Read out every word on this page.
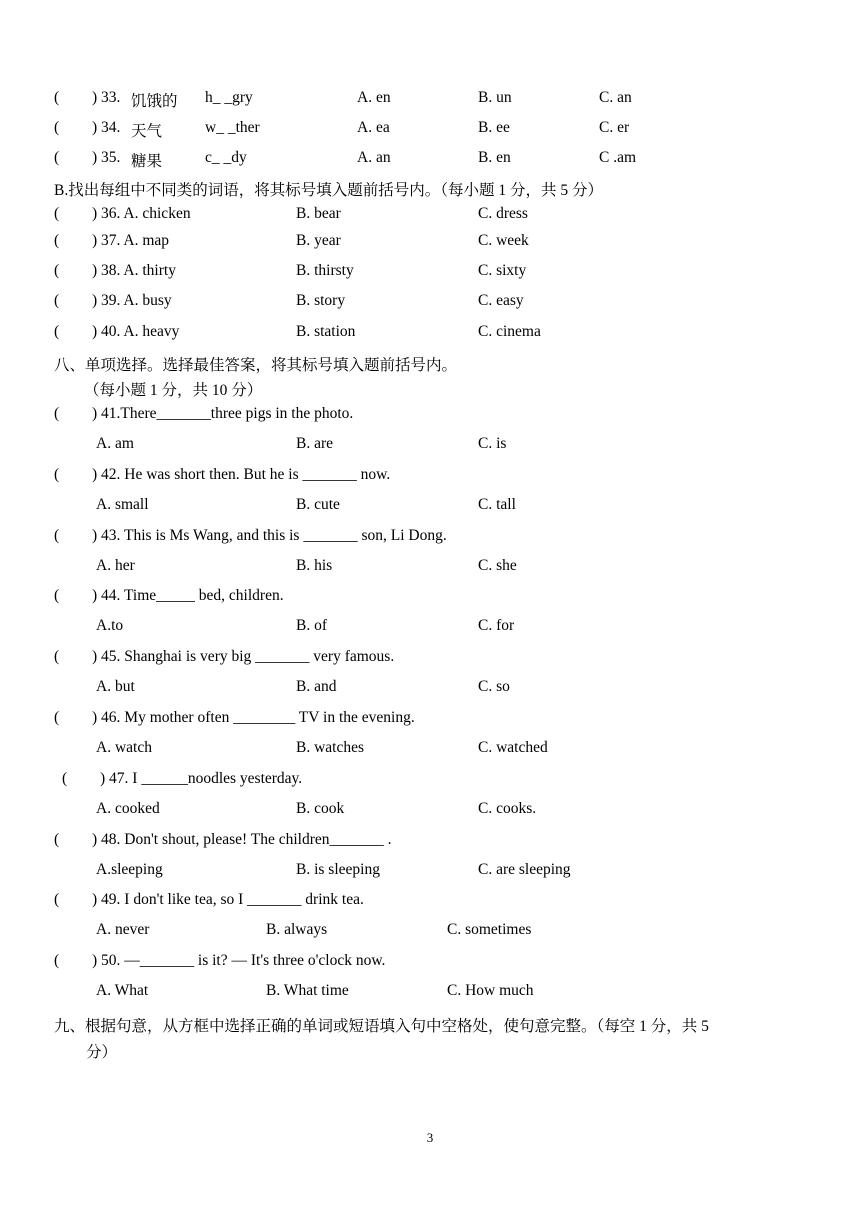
( ) 33. 饥饿的 h_ _gry	A. en	B. un	C. an
( ) 34. 天气	w_ _ther	A. ea	B. ee	C. er
( ) 35. 糖果	c_ _dy	A. an	B. en	C .am
B.找出每组中不同类的词语，将其标号填入题前括号内。（每小题 1 分，共 5 分）
( ) 36. A. chicken	B. bear	C. dress
( ) 37. A. map	B. year	C. week
( ) 38. A. thirty	B. thirsty	C. sixty
( ) 39. A. busy	B. story	C. easy
( ) 40. A. heavy	B. station	C. cinema
八、单项选择。选择最佳答案，将其标号填入题前括号内。
（每小题 1 分，共 10 分）
( ) 41.There_______three pigs in the photo.
A. am	B. are	C. is
( ) 42. He was short then. But he is _______ now.
A. small	B. cute	C. tall
( ) 43. This is Ms Wang, and this is _______ son, Li Dong.
A. her	B. his	C. she
( ) 44. Time_____ bed, children.
A.to	B. of	C. for
( ) 45. Shanghai is very big _______ very famous.
A. but	B. and	C. so
( ) 46. My mother often ________ TV in the evening.
A. watch	B. watches	C. watched
( ) 47. I ______noodles yesterday.
A. cooked	B. cook	C. cooks.
( ) 48. Don't shout, please! The children_______ .
A.sleeping	B. is sleeping	C. are sleeping
( ) 49. I don't like tea, so I _______ drink tea.
A. never	B. always	C. sometimes
( ) 50. —_______ is it? — It's three o'clock now.
A. What	B. What time	C. How much
九、根据句意，从方框中选择正确的单词或短语填入句中空格处，使句意完整。（每空 1 分，共 5
分）
3
